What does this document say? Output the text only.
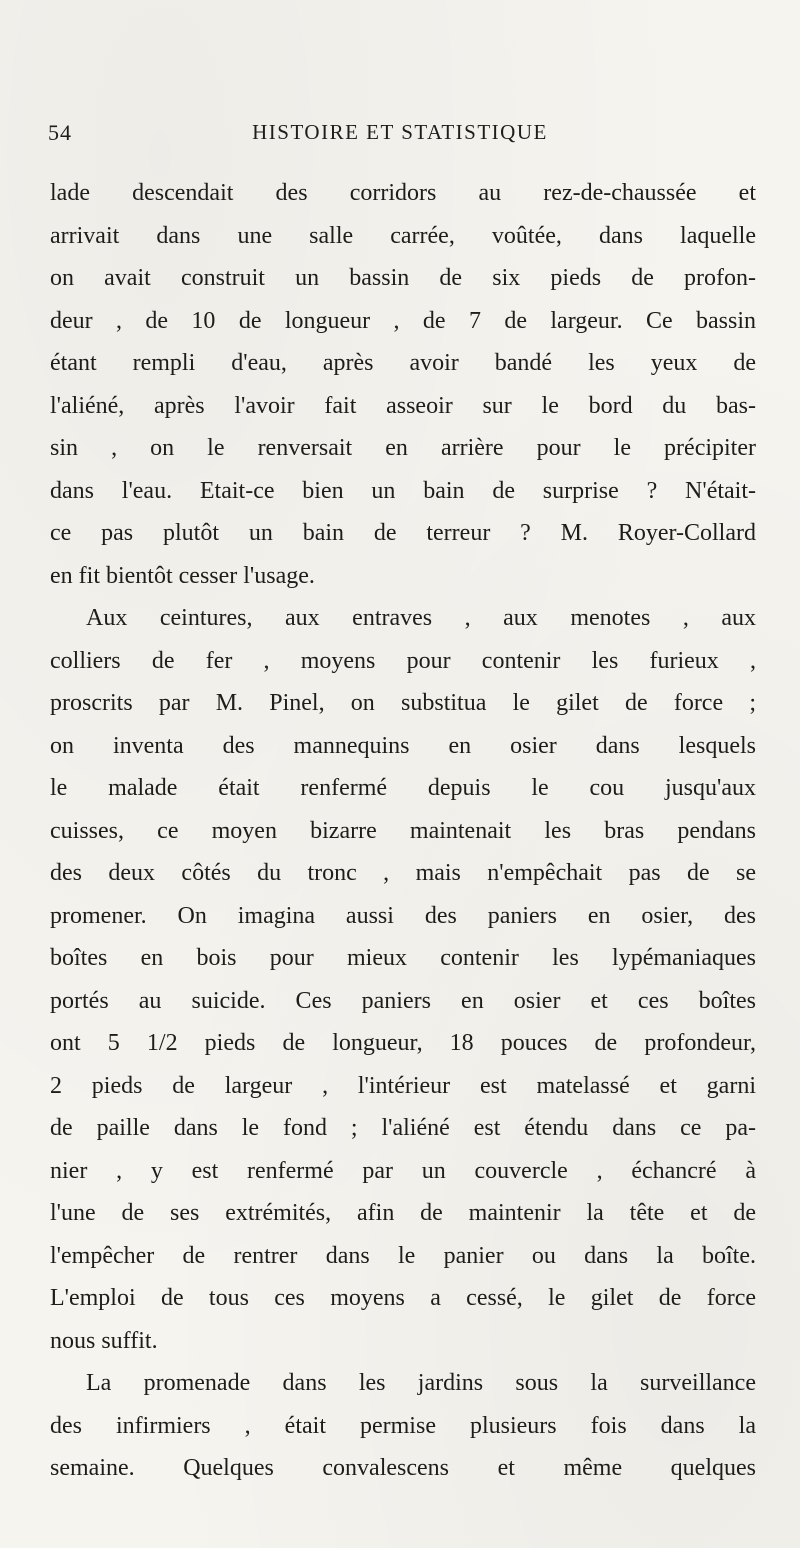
54	HISTOIRE ET STATISTIQUE
lade descendait des corridors au rez-de-chaussée et
arrivait dans une salle carrée, voûtée, dans laquelle
on avait construit un bassin de six pieds de profon-
deur , de 10 de longueur , de 7 de largeur. Ce bassin
étant rempli d'eau, après avoir bandé les yeux de
l'aliéné, après l'avoir fait asseoir sur le bord du bas-
sin , on le renversait en arrière pour le précipiter
dans l'eau. Etait-ce bien un bain de surprise ? N'était-
ce pas plutôt un bain de terreur ? M. Royer-Collard
en fit bientôt cesser l'usage.
Aux ceintures, aux entraves , aux menotes , aux
colliers de fer , moyens pour contenir les furieux ,
proscrits par M. Pinel, on substitua le gilet de force ;
on inventa des mannequins en osier dans lesquels
le malade était renfermé depuis le cou jusqu'aux
cuisses, ce moyen bizarre maintenait les bras pendans
des deux côtés du tronc , mais n'empêchait pas de se
promener. On imagina aussi des paniers en osier, des
boîtes en bois pour mieux contenir les lypémaniaques
portés au suicide. Ces paniers en osier et ces boîtes
ont 5 1/2 pieds de longueur, 18 pouces de profondeur,
2 pieds de largeur , l'intérieur est matelassé et garni
de paille dans le fond ; l'aliéné est étendu dans ce pa-
nier , y est renfermé par un couvercle , échancré à
l'une de ses extrémités, afin de maintenir la tête et de
l'empêcher de rentrer dans le panier ou dans la boîte.
L'emploi de tous ces moyens a cessé, le gilet de force
nous suffit.
La promenade dans les jardins sous la surveillance
des infirmiers , était permise plusieurs fois dans la
semaine. Quelques convalescens et même quelques
